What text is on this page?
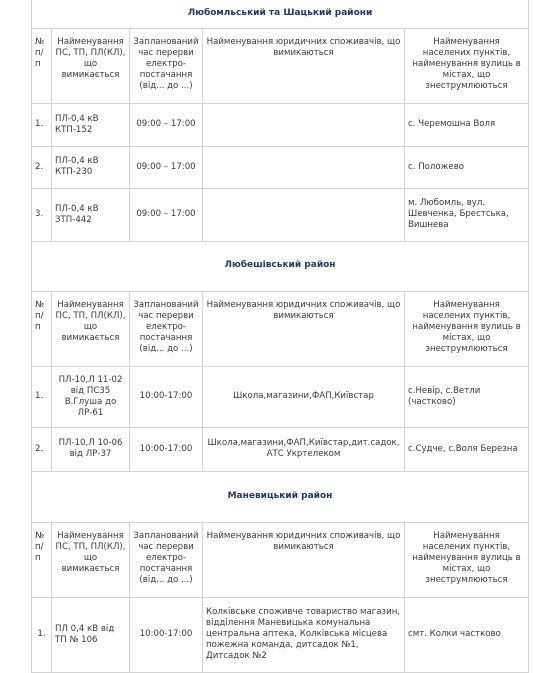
Любомльський та Шацький райони				
№п/п	Найменування ПС, ТП, ПЛ(КЛ), що вимикається	Запланований час перерви електро-постачання (від... до ...)	Найменування юридичних споживачів, що вимикаються	Найменування населених пунктів, найменування вулиць в містах, що знеструмлюються
1.	ПЛ-0,4 кВ КТП-152	09:00 – 17:00		с. Черемошна Воля
2.	ПЛ-0,4 кВ КТП-230	09:00 – 17:00		с. Положево
3.	ПЛ-0,4 кВ ЗТП-442	09:00 – 17:00		м. Любомль, вул. Шевченка, Брестська, Вишнева
Любешівський район				
№п/п	Найменування ПС, ТП, ПЛ(КЛ), що вимикається	Запланований час перерви електро-постачання (від... до ...)	Найменування юридичних споживачів, що вимикаються	Найменування населених пунктів, найменування вулиць в містах, що знеструмлюються
1.	ПЛ-10,Л 11-02 від ПС35 В.Глуша до ЛР-61	10:00-17:00	Школа,магазини,ФАП,Київстар	с.Невір, с.Ветли (частково)
2.	ПЛ-10,Л 10-06 від ЛР-37	10:00-17:00	Школа,магазини,ФАП,Київстар,дит.садок, АТС Укртелеком	с.Судче, с.Воля Березна
Маневицький район				
№п/п	Найменування ПС, ТП, ПЛ(КЛ), що вимикається	Запланований час перерви електро-постачання (від... до ...)	Найменування юридичних споживачів, що вимикаються	Найменування населених пунктів, найменування вулиць в містах, що знеструмлюються
1.	ПЛ 0,4 кВ від ТП № 106	10:00-17:00	Колківське споживче товариство магазин, відділення Маневицька комунальна центральна аптека, Колківська місцева пожежна команда, дитсадок №1, Дитсадок №2	смт. Колки частково
